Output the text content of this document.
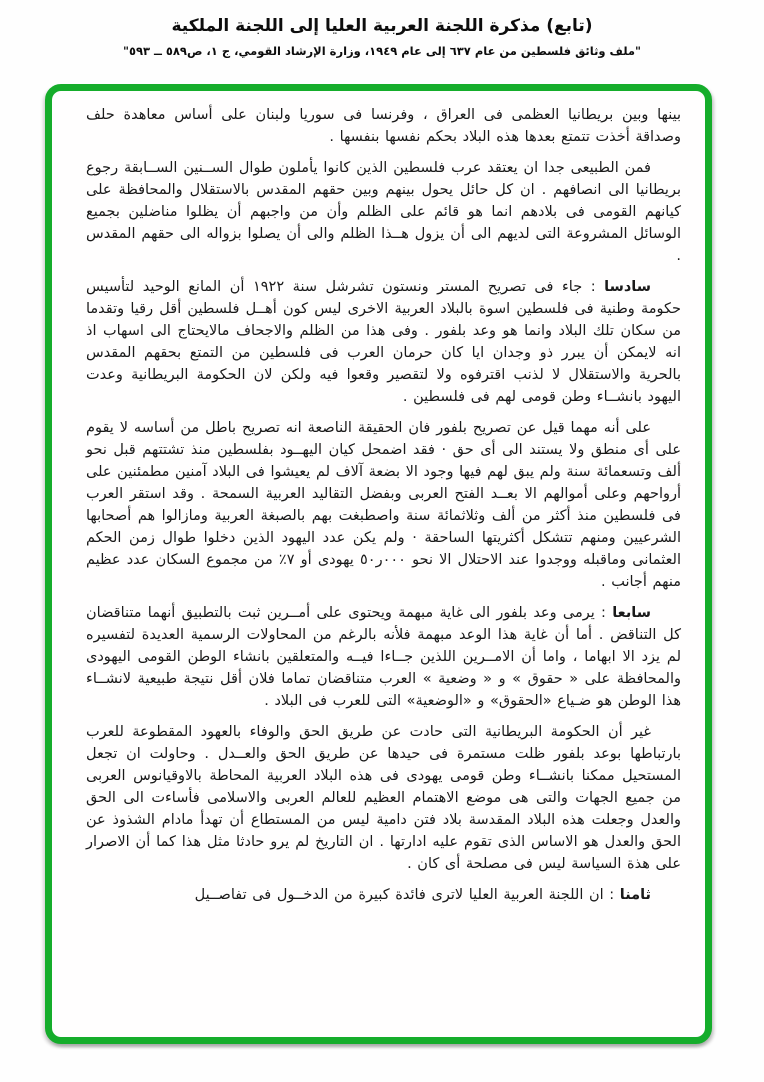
(تابع) مذكرة اللجنة العربية العليا إلى اللجنة الملكية
"ملف وثائق فلسطين من عام ٦٣٧ إلى عام ١٩٤٩، وزارة الإرشاد القومي، ج ١، ص٥٨٩ ــ ٥٩٣"

بينها وبين بريطانيا العظمى فى العراق ، وفرنسا فى سوريا ولبنان على أساس معاهدة حلف وصداقة أخذت تتمتع بعدها هذه البلاد بحكم نفسها بنفسها .

فمن الطبيعى جدا ان يعتقد عرب فلسطين الذين كانوا يأملون طوال الســنين الســابقة رجوع بريطانيا الى انصافهم . ان كل حائل يحول بينهم وبين حقهم المقدس بالاستقلال والمحافظة على كيانهم القومى فى بلادهم انما هو قائم على الظلم وأن من واجبهم أن يظلوا مناضلين بجميع الوسائل المشروعة التى لديهم الى أن يزول هــذا الظلم والى أن يصلوا بزواله الى حقهم المقدس .

سادسا : جاء فى تصريح المستر ونستون تشرشل سنة ١٩٢٢ أن المانع الوحيد لتأسيس حكومة وطنية فى فلسطين اسوة بالبلاد العربية الاخرى ليس كون أهــل فلسطين أقل رقيا وتقدما من سكان تلك البلاد وانما هو وعد بلفور . وفى هذا من الظلم والاجحاف مالايحتاج الى اسهاب اذ انه لايمكن أن يبرر ذو وجدان ايا كان حرمان العرب فى فلسطين من التمتع بحقهم المقدس بالحرية والاستقلال لا لذنب اقترفوه ولا لتقصير وقعوا فيه ولكن لان الحكومة البريطانية وعدت اليهود بانشــاء وطن قومى لهم فى فلسطين .

على أنه مهما قيل عن تصريح بلفور فان الحقيقة الناصعة انه تصريح باطل من أساسه لا يقوم على أى منطق ولا يستند الى أى حق · فقد اضمحل كيان اليهــود بفلسطين منذ تشتتهم قبل نحو ألف وتسعمائة سنة ولم يبق لهم فيها وجود الا بضعة آلاف لم يعيشوا فى البلاد آمنين مطمئنين على أرواحهم وعلى أموالهم الا بعــد الفتح العربى وبفضل التقاليد العربية السمحة . وقد استقر العرب فى فلسطين منذ أكثر من ألف وثلاثمائة سنة واصطبغت بهم بالصبغة العربية ومازالوا هم أصحابها الشرعيين ومنهم تتشكل أكثريتها الساحقة · ولم يكن عدد اليهود الذين دخلوا طوال زمن الحكم العثمانى وماقبله ووجدوا عند الاحتلال الا نحو ٠٠٠ر٥٠ يهودى أو ٧٪ من مجموع السكان عدد عظيم منهم أجانب .

سابعا : يرمى وعد بلفور الى غاية مبهمة ويحتوى على أمــرين ثبت بالتطبيق أنهما متناقضان كل التناقض . أما أن غاية هذا الوعد مبهمة فلأنه بالرغم من المحاولات الرسمية العديدة لتفسيره لم يزد الا ابهاما ، واما أن الامــرين اللذين جــاءا فيــه والمتعلقين بانشاء الوطن القومى اليهودى والمحافظة على « حقوق » و « وضعية » العرب متناقضان تماما فلان أقل نتيجة طبيعية لانشــاء هذا الوطن هو ضـياع «الحقوق» و «الوضعية» التى للعرب فى البلاد .

غير أن الحكومة البريطانية التى حادت عن طريق الحق والوفاء بالعهود المقطوعة للعرب بارتباطها بوعد بلفور ظلت مستمرة فى حيدها عن طريق الحق والعــدل . وحاولت ان تجعل المستحيل ممكنا بانشــاء وطن قومى يهودى فى هذه البلاد العربية المحاطة بالاوقيانوس العربى من جميع الجهات والتى هى موضع الاهتمام العظيم للعالم العربى والاسلامى فأساءت الى الحق والعدل وجعلت هذه البلاد المقدسة بلاد فتن دامية ليس من المستطاع أن تهدأ مادام الشذوذ عن الحق والعدل هو الاساس الذى تقوم عليه ادارتها . ان التاريخ لم يرو حادثا مثل هذا كما أن الاصرار على هذة السياسة ليس فى مصلحة أى كان .

ثامنا : ان اللجنة العربية العليا لاترى فائدة كبيرة من الدخــول فى تفاصــيل
